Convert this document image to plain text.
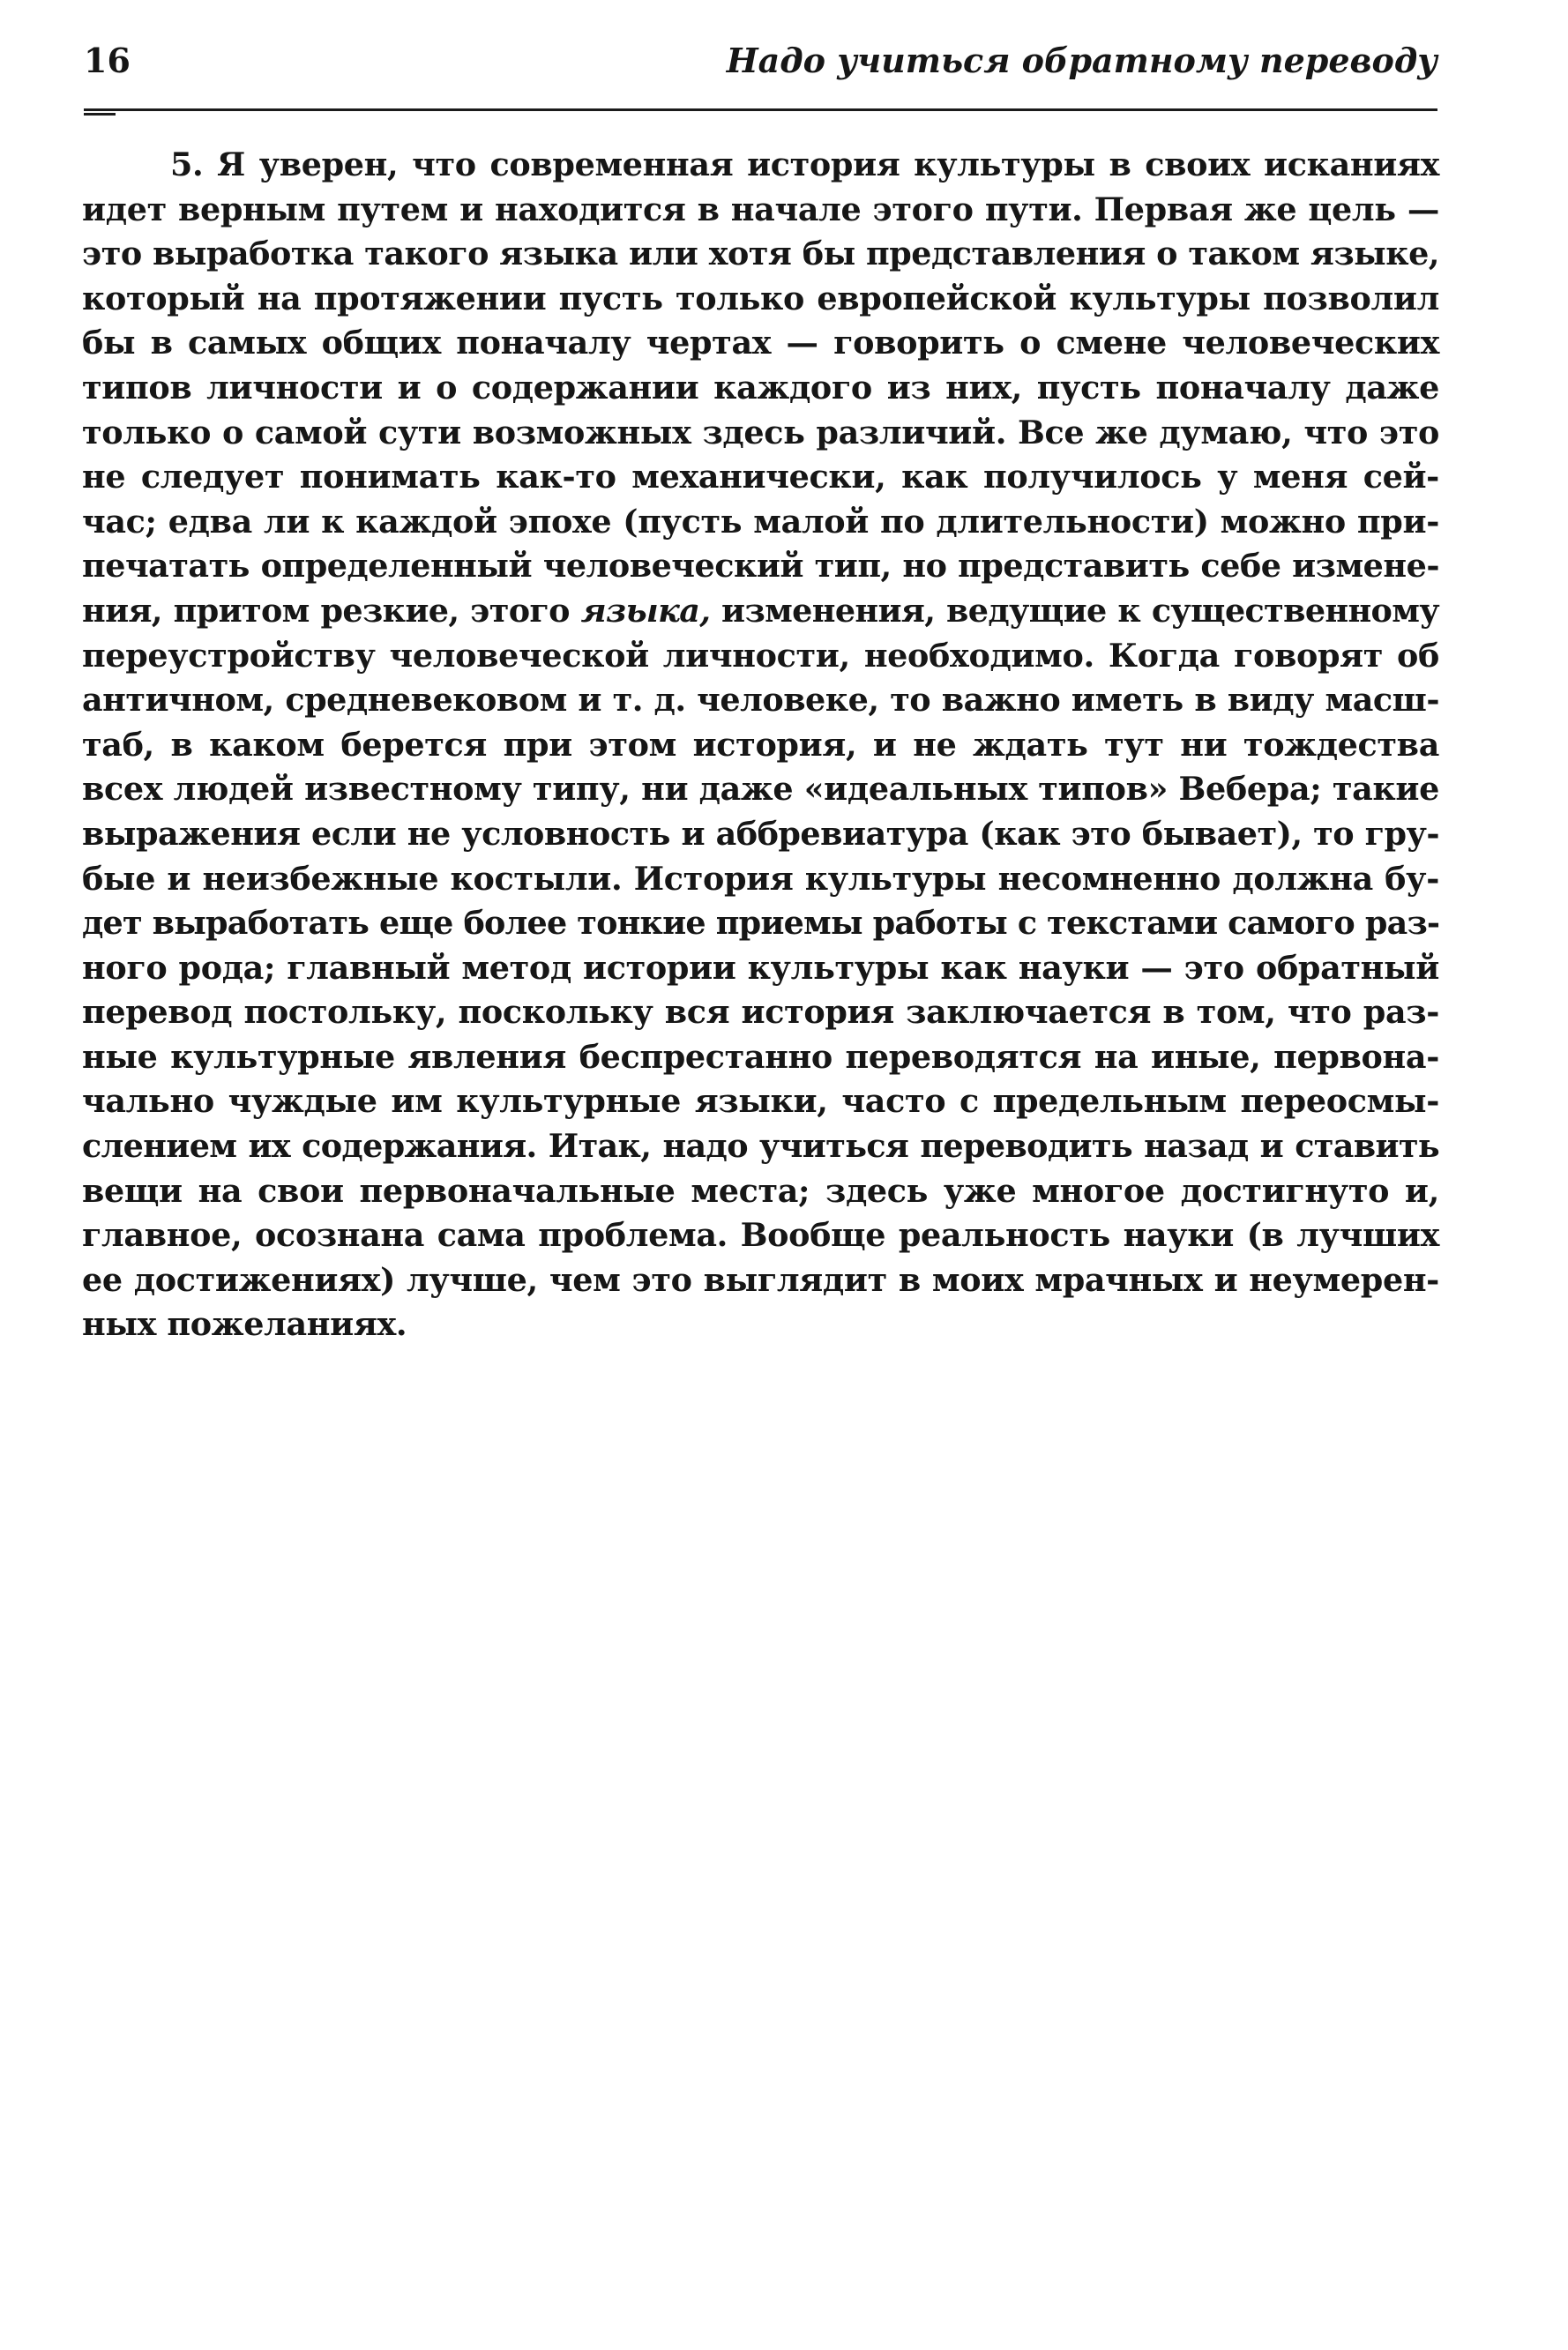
16	Надо учиться обратному переводу
5. Я уверен, что современная история культуры в своих исканиях
идет верным путем и находится в начале этого пути. Первая же цель —
это выработка такого языка или хотя бы представления о таком языке,
который на протяжении пусть только европейской культуры позволил
бы в самых общих поначалу чертах — говорить о смене человеческих
типов личности и о содержании каждого из них, пусть поначалу даже
только о самой сути возможных здесь различий. Все же думаю, что это
не следует понимать как-то механически, как получилось у меня сей-
час; едва ли к каждой эпохе (пусть малой по длительности) можно при-
печатать определенный человеческий тип, но представить себе измене-
ния, притом резкие, этого языка, изменения, ведущие к существенному
переустройству человеческой личности, необходимо. Когда говорят об
античном, средневековом и т. д. человеке, то важно иметь в виду масш-
таб, в каком берется при этом история, и не ждать тут ни тождества
всех людей известному типу, ни даже «идеальных типов» Вебера; такие
выражения если не условность и аббревиатура (как это бывает), то гру-
бые и неизбежные костыли. История культуры несомненно должна бу-
дет выработать еще более тонкие приемы работы с текстами самого раз-
ного рода; главный метод истории культуры как науки — это обратный
перевод постольку, поскольку вся история заключается в том, что раз-
ные культурные явления беспрестанно переводятся на иные, первона-
чально чуждые им культурные языки, часто с предельным переосмы-
слением их содержания. Итак, надо учиться переводить назад и ставить
вещи на свои первоначальные места; здесь уже многое достигнуто и,
главное, осознана сама проблема. Вообще реальность науки (в лучших
ее достижениях) лучше, чем это выглядит в моих мрачных и неумерен-
ных пожеланиях.
